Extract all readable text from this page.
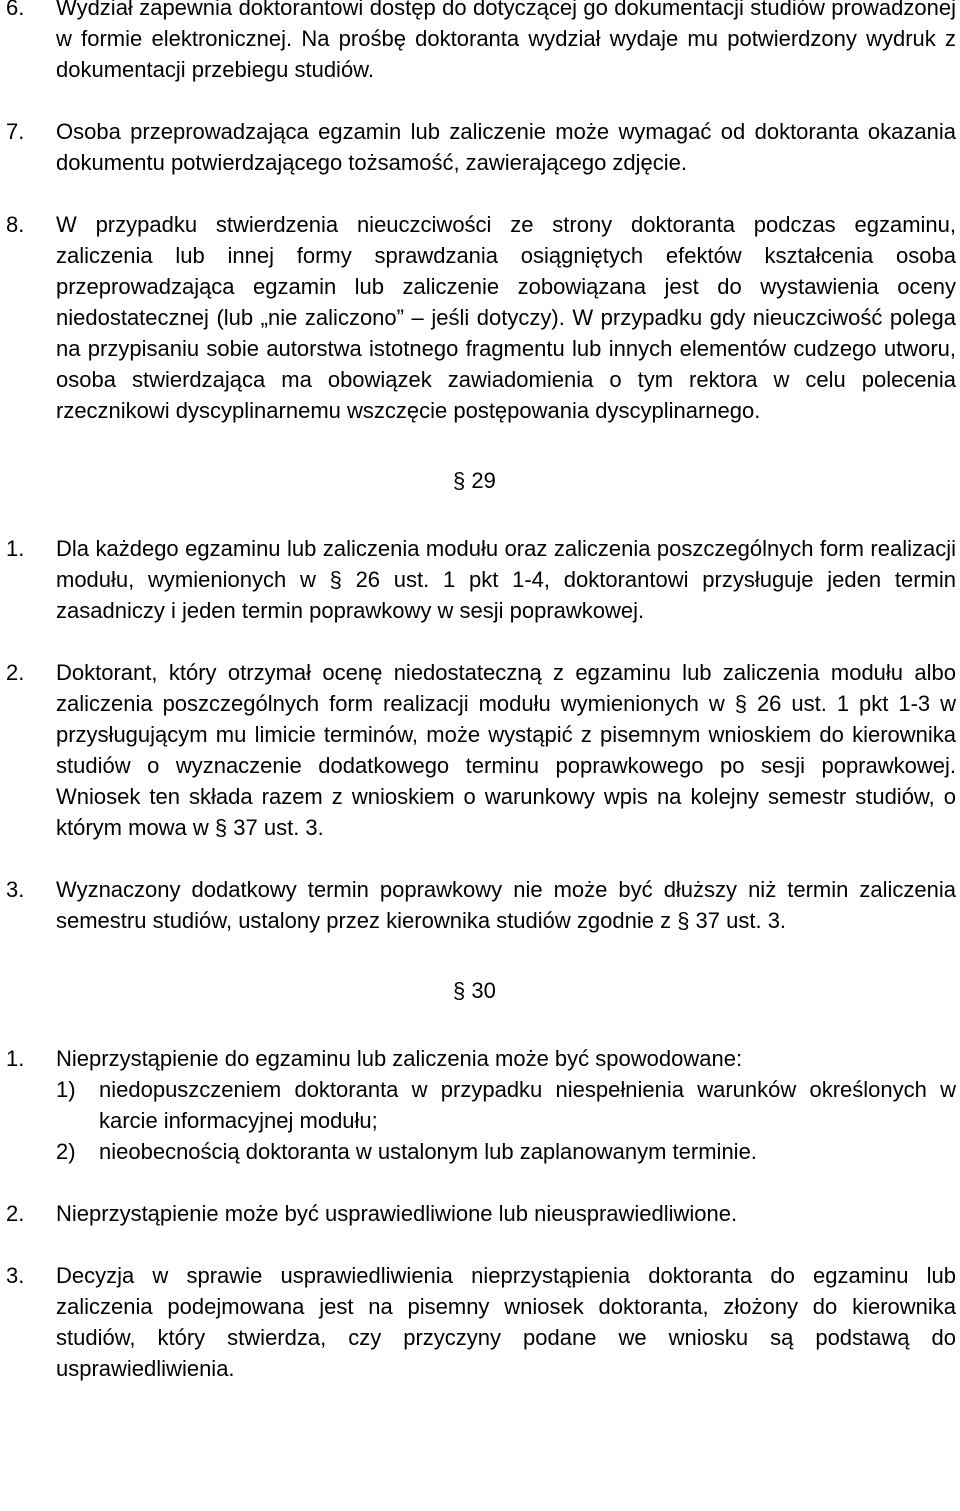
6. Wydział zapewnia doktorantowi dostęp do dotyczącej go dokumentacji studiów prowadzonej w formie elektronicznej. Na prośbę doktoranta wydział wydaje mu potwierdzony wydruk z dokumentacji przebiegu studiów.
7. Osoba przeprowadzająca egzamin lub zaliczenie może wymagać od doktoranta okazania dokumentu potwierdzającego tożsamość, zawierającego zdjęcie.
8. W przypadku stwierdzenia nieuczciwości ze strony doktoranta podczas egzaminu, zaliczenia lub innej formy sprawdzania osiągniętych efektów kształcenia osoba przeprowadzająca egzamin lub zaliczenie zobowiązana jest do wystawienia oceny niedostatecznej (lub „nie zaliczono” – jeśli dotyczy). W przypadku gdy nieuczciwość polega na przypisaniu sobie autorstwa istotnego fragmentu lub innych elementów cudzego utworu, osoba stwierdzająca ma obowiązek zawiadomienia o tym rektora w celu polecenia rzecznikowi dyscyplinarnemu wszczęcie postępowania dyscyplinarnego.
§ 29
1. Dla każdego egzaminu lub zaliczenia modułu oraz zaliczenia poszczególnych form realizacji modułu, wymienionych w § 26 ust. 1 pkt 1-4, doktorantowi przysługuje jeden termin zasadniczy i jeden termin poprawkowy w sesji poprawkowej.
2. Doktorant, który otrzymał ocenę niedostateczną z egzaminu lub zaliczenia modułu albo zaliczenia poszczególnych form realizacji modułu wymienionych w § 26 ust. 1 pkt 1-3 w przysługującym mu limicie terminów, może wystąpić z pisemnym wnioskiem do kierownika studiów o wyznaczenie dodatkowego terminu poprawkowego po sesji poprawkowej. Wniosek ten składa razem z wnioskiem o warunkowy wpis na kolejny semestr studiów, o którym mowa w § 37 ust. 3.
3. Wyznaczony dodatkowy termin poprawkowy nie może być dłuższy niż termin zaliczenia semestru studiów, ustalony przez kierownika studiów zgodnie z § 37 ust. 3.
§ 30
1. Nieprzystąpienie do egzaminu lub zaliczenia może być spowodowane:
1) niedopuszczeniem doktoranta w przypadku niespełnienia warunków określonych w karcie informacyjnej modułu;
2) nieobecnością doktoranta w ustalonym lub zaplanowanym terminie.
2. Nieprzystąpienie może być usprawiedliwione lub nieusprawiedliwione.
3. Decyzja w sprawie usprawiedliwienia nieprzystąpienia doktoranta do egzaminu lub zaliczenia podejmowana jest na pisemny wniosek doktoranta, złożony do kierownika studiów, który stwierdza, czy przyczyny podane we wniosku są podstawą do usprawiedliwienia.
